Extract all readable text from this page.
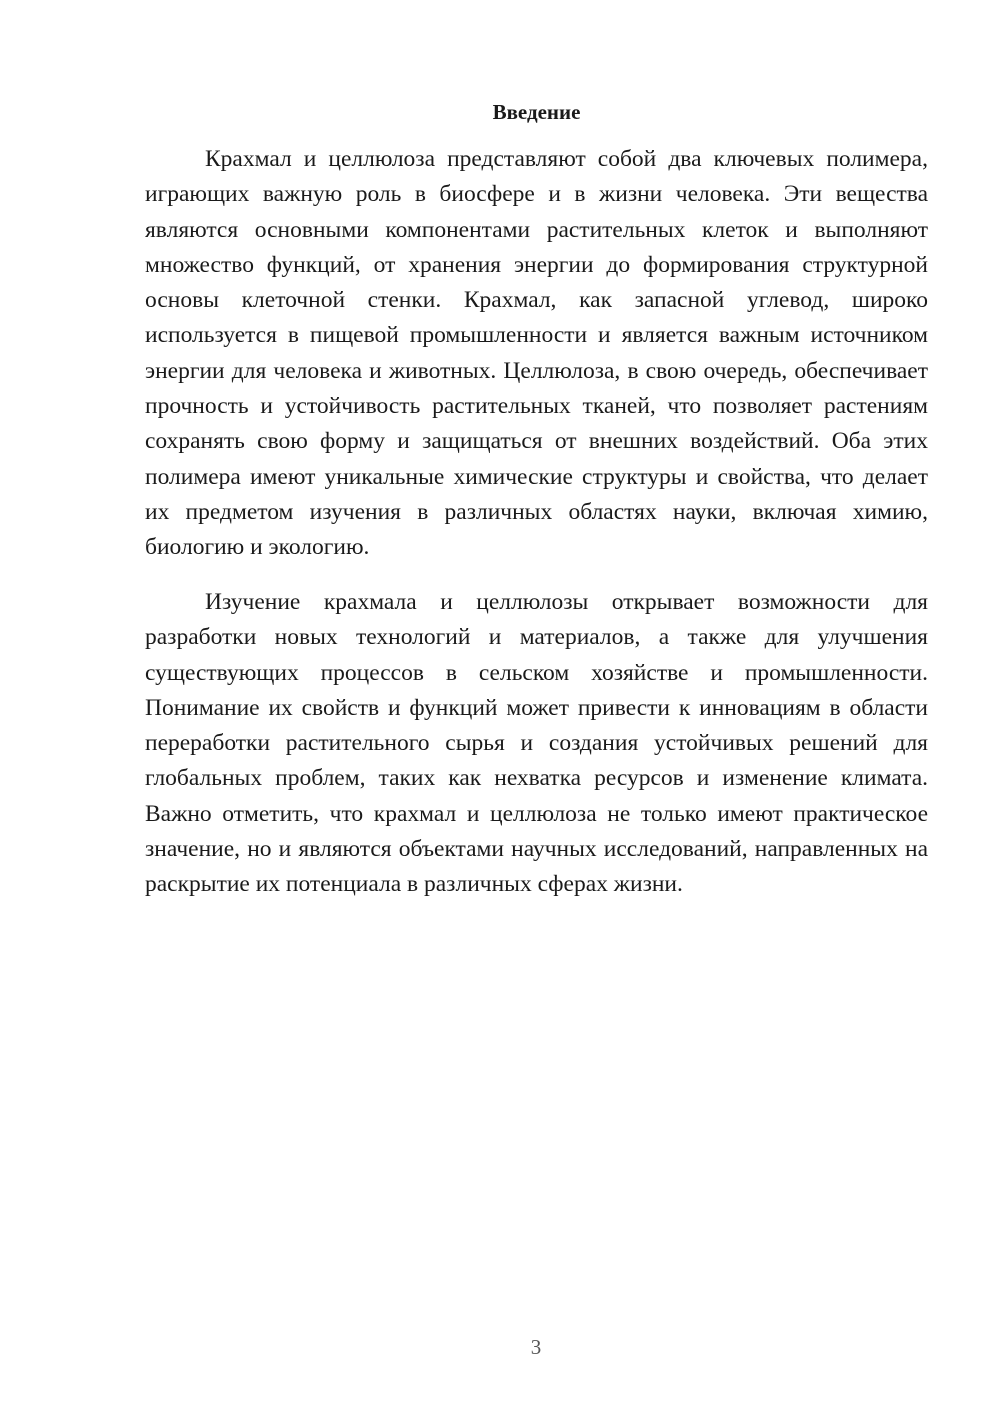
Введение

Крахмал и целлюлоза представляют собой два ключевых полимера, играющих важную роль в биосфере и в жизни человека. Эти вещества являются основными компонентами растительных клеток и выполняют множество функций, от хранения энергии до формирования структурной основы клеточной стенки. Крахмал, как запасной углевод, широко используется в пищевой промышленности и является важным источником энергии для человека и животных. Целлюлоза, в свою очередь, обеспечивает прочность и устойчивость растительных тканей, что позволяет растениям сохранять свою форму и защищаться от внешних воздействий. Оба этих полимера имеют уникальные химические структуры и свойства, что делает их предметом изучения в различных областях науки, включая химию, биологию и экологию.

Изучение крахмала и целлюлозы открывает возможности для разработки новых технологий и материалов, а также для улучшения существующих процессов в сельском хозяйстве и промышленности. Понимание их свойств и функций может привести к инновациям в области переработки растительного сырья и создания устойчивых решений для глобальных проблем, таких как нехватка ресурсов и изменение климата. Важно отметить, что крахмал и целлюлоза не только имеют практическое значение, но и являются объектами научных исследований, направленных на раскрытие их потенциала в различных сферах жизни.

3
